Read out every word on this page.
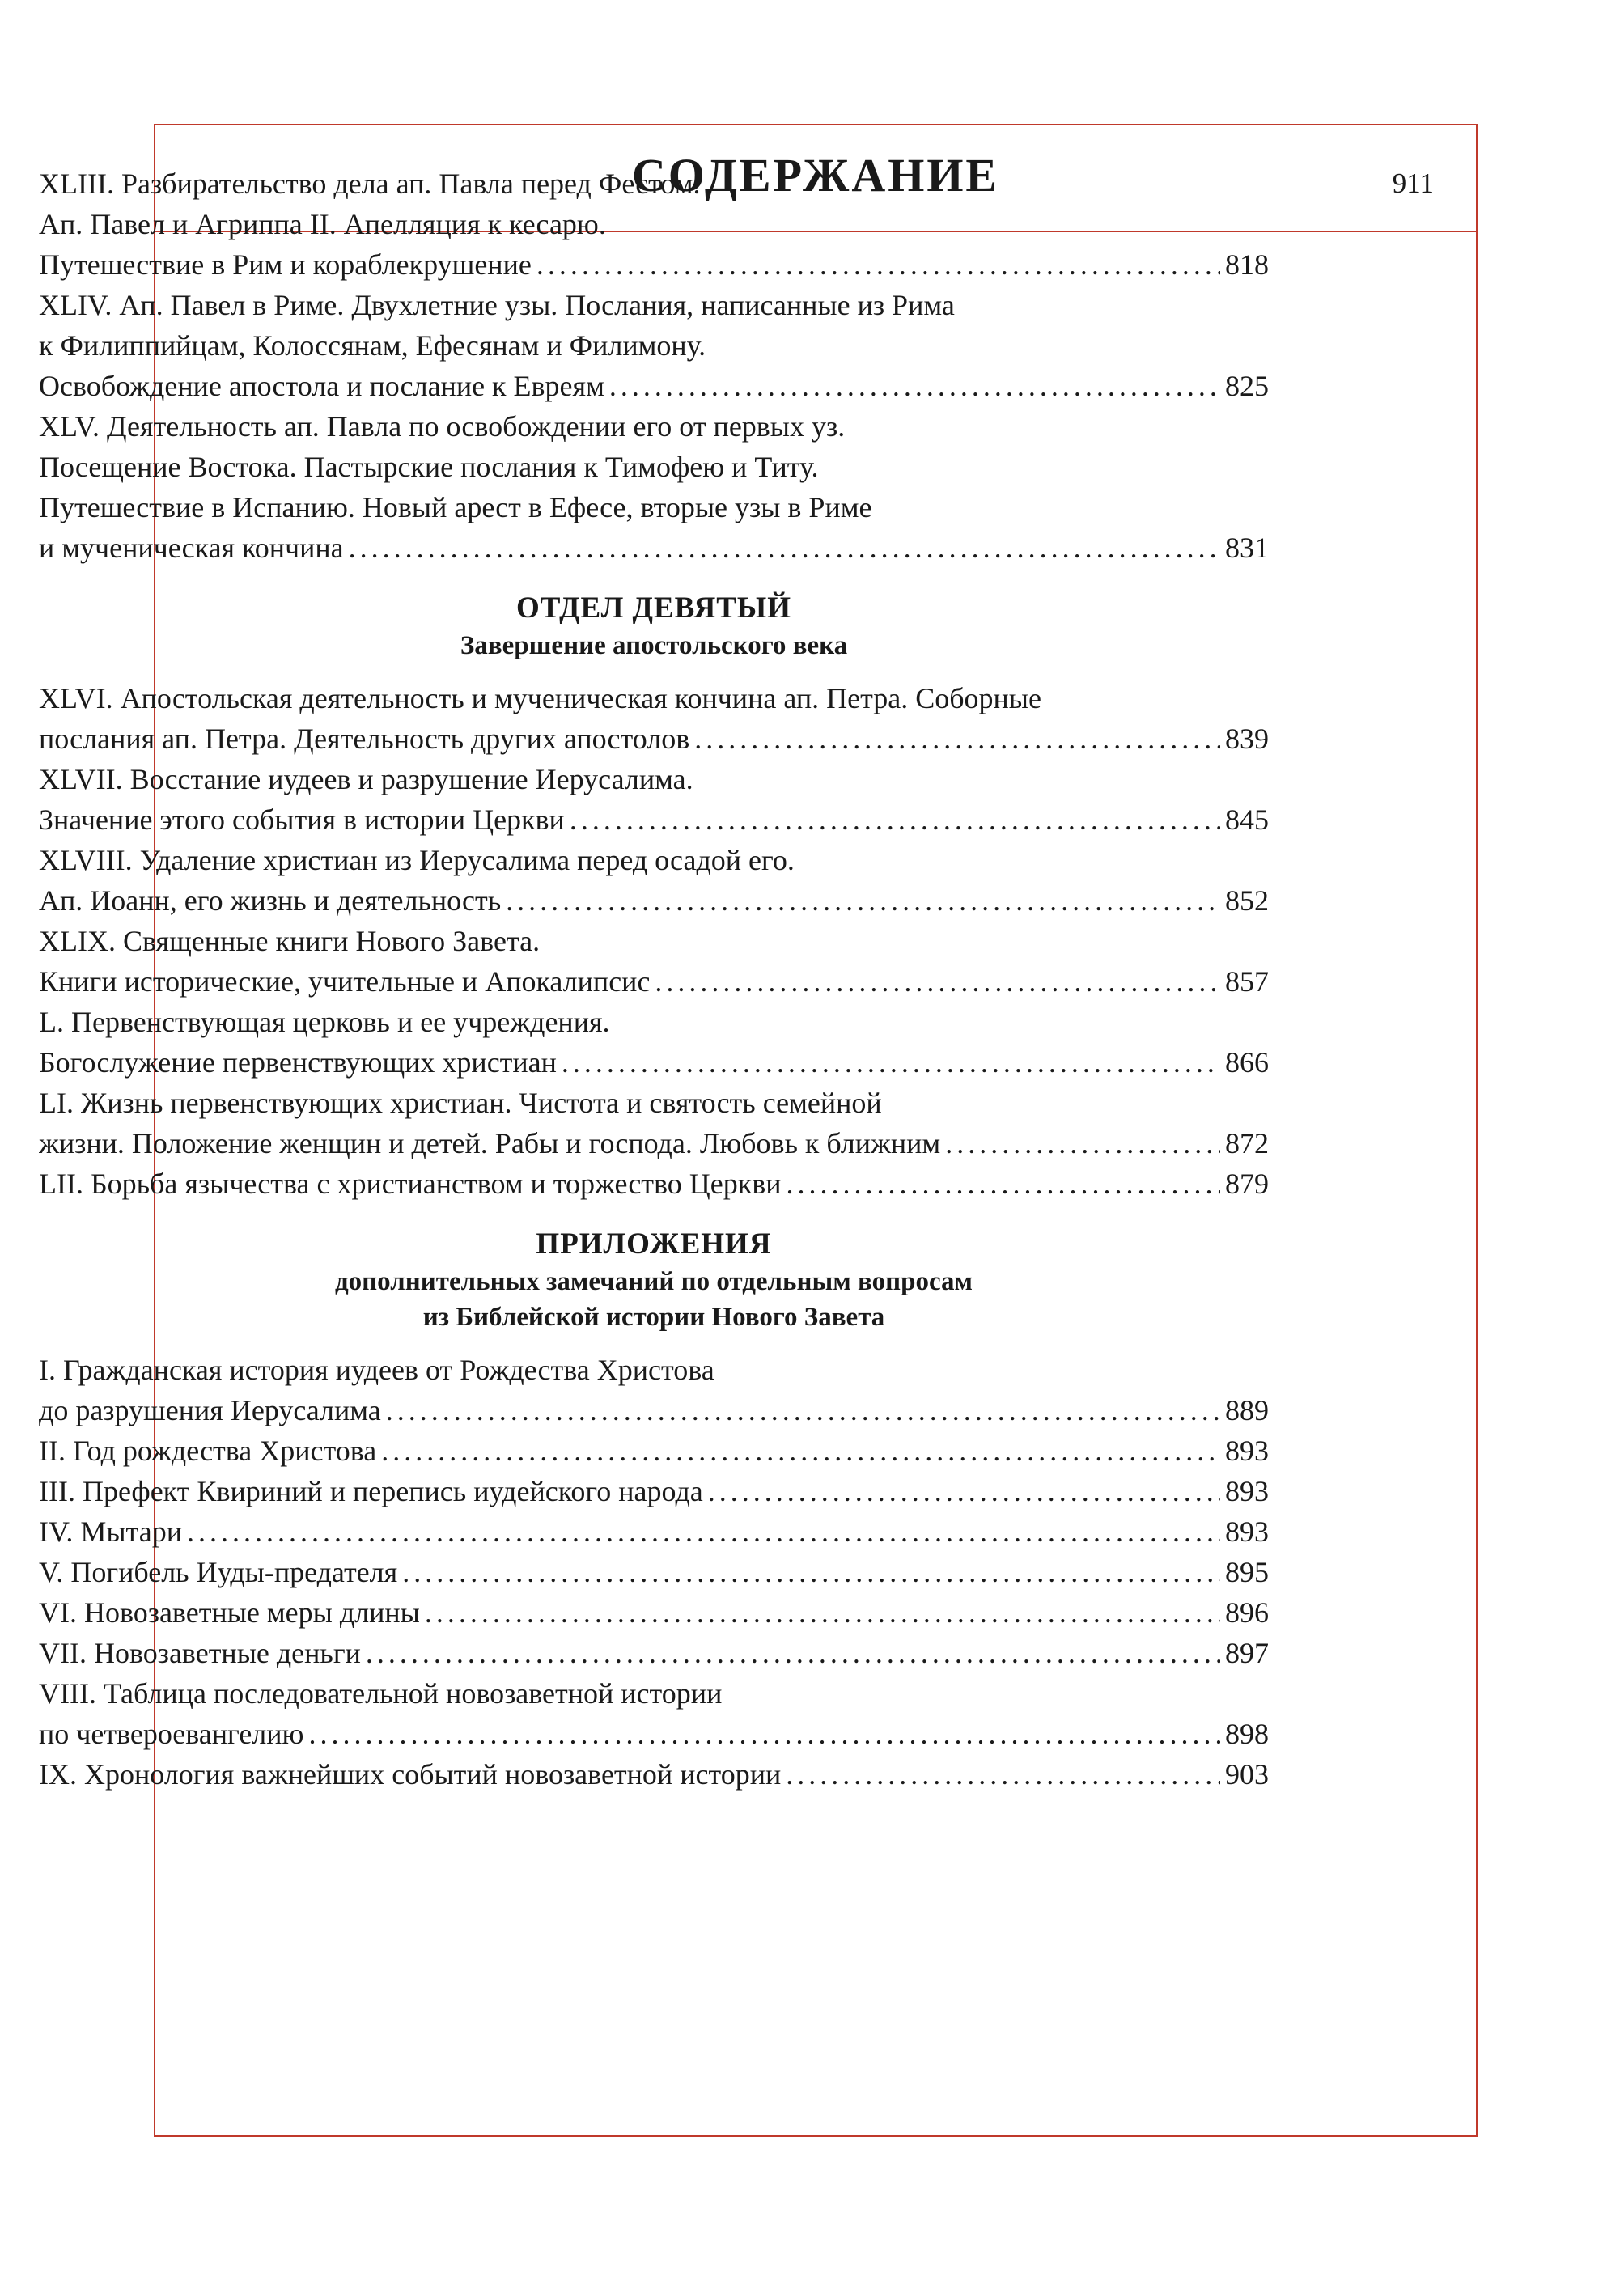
СОДЕРЖАНИЕ	911
XLIII. Разбирательство дела ап. Павла перед Фестом.
Ап. Павел и Агриппа II. Апелляция к кесарю.
Путешествие в Рим и кораблекрушение .....	818
XLIV. Ап. Павел в Риме. Двухлетние узы. Послания, написанные из Рима
к Филиппийцам, Колоссянам, Ефесянам и Филимону.
Освобождение апостола и послание к Евреям .....	825
XLV. Деятельность ап. Павла по освобождении его от первых уз.
Посещение Востока. Пастырские послания к Тимофею и Титу.
Путешествие в Испанию. Новый арест в Ефесе, вторые узы в Риме
и мученическая кончина .....	831
ОТДЕЛ ДЕВЯТЫЙ
Завершение апостольского века
XLVI. Апостольская деятельность и мученическая кончина ап. Петра. Соборные
послания ап. Петра. Деятельность других апостолов .....	839
XLVII. Восстание иудеев и разрушение Иерусалима.
Значение этого события в истории Церкви .....	845
XLVIII. Удаление христиан из Иерусалима перед осадой его.
Ап. Иоанн, его жизнь и деятельность .....	852
XLIX. Священные книги Нового Завета.
Книги исторические, учительные и Апокалипсис .....	857
L. Первенствующая церковь и ее учреждения.
Богослужение первенствующих христиан .....	866
LI. Жизнь первенствующих христиан. Чистота и святость семейной
жизни. Положение женщин и детей. Рабы и господа. Любовь к ближним .....	872
LII. Борьба язычества с христианством и торжество Церкви .....	879
ПРИЛОЖЕНИЯ
дополнительных замечаний по отдельным вопросам
из Библейской истории Нового Завета
I. Гражданская история иудеев от Рождества Христова
до разрушения Иерусалима .....	889
II. Год рождества Христова .....	893
III. Префект Квириний и перепись иудейского народа .....	893
IV. Мытари .....	893
V. Погибель Иуды-предателя .....	895
VI. Новозаветные меры длины .....	896
VII. Новозаветные деньги .....	897
VIII. Таблица последовательной новозаветной истории
по четвероевангелию .....	898
IX. Хронология важнейших событий новозаветной истории .....	903
